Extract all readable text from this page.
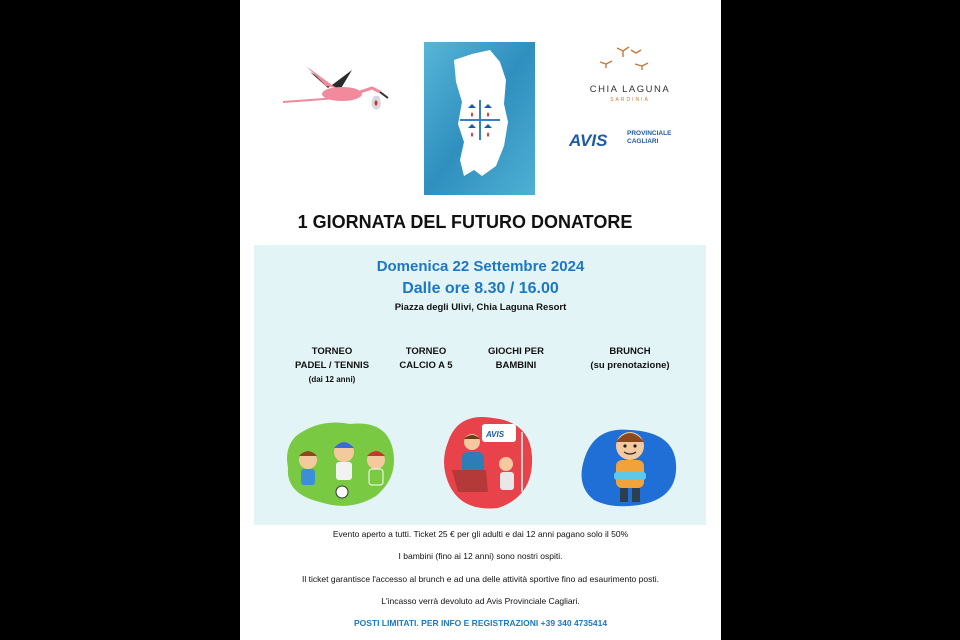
CHIA LAGUNA
SARDINIA
AVIS	PROVINCIALE
CAGLIARI
1 GIORNATA DEL FUTURO DONATORE
Domenica 22 Settembre 2024
Dalle ore 8.30 / 16.00
Piazza degli Ulivi, Chia Laguna Resort
TORNEO
PADEL / TENNIS
(dai 12 anni)
TORNEO
CALCIO A 5
GIOCHI PER
BAMBINI
BRUNCH
(su prenotazione)
AVIS
Evento aperto a tutti. Ticket 25 € per gli adulti e dai 12 anni pagano solo il 50%
I bambini (fino ai 12 anni) sono nostri ospiti.
Il ticket garantisce l'accesso al brunch e ad una delle attività sportive fino ad esaurimento posti.
L'incasso verrà devoluto ad Avis Provinciale Cagliari.
POSTI LIMITATI. PER INFO E REGISTRAZIONI +39 340 4735414
